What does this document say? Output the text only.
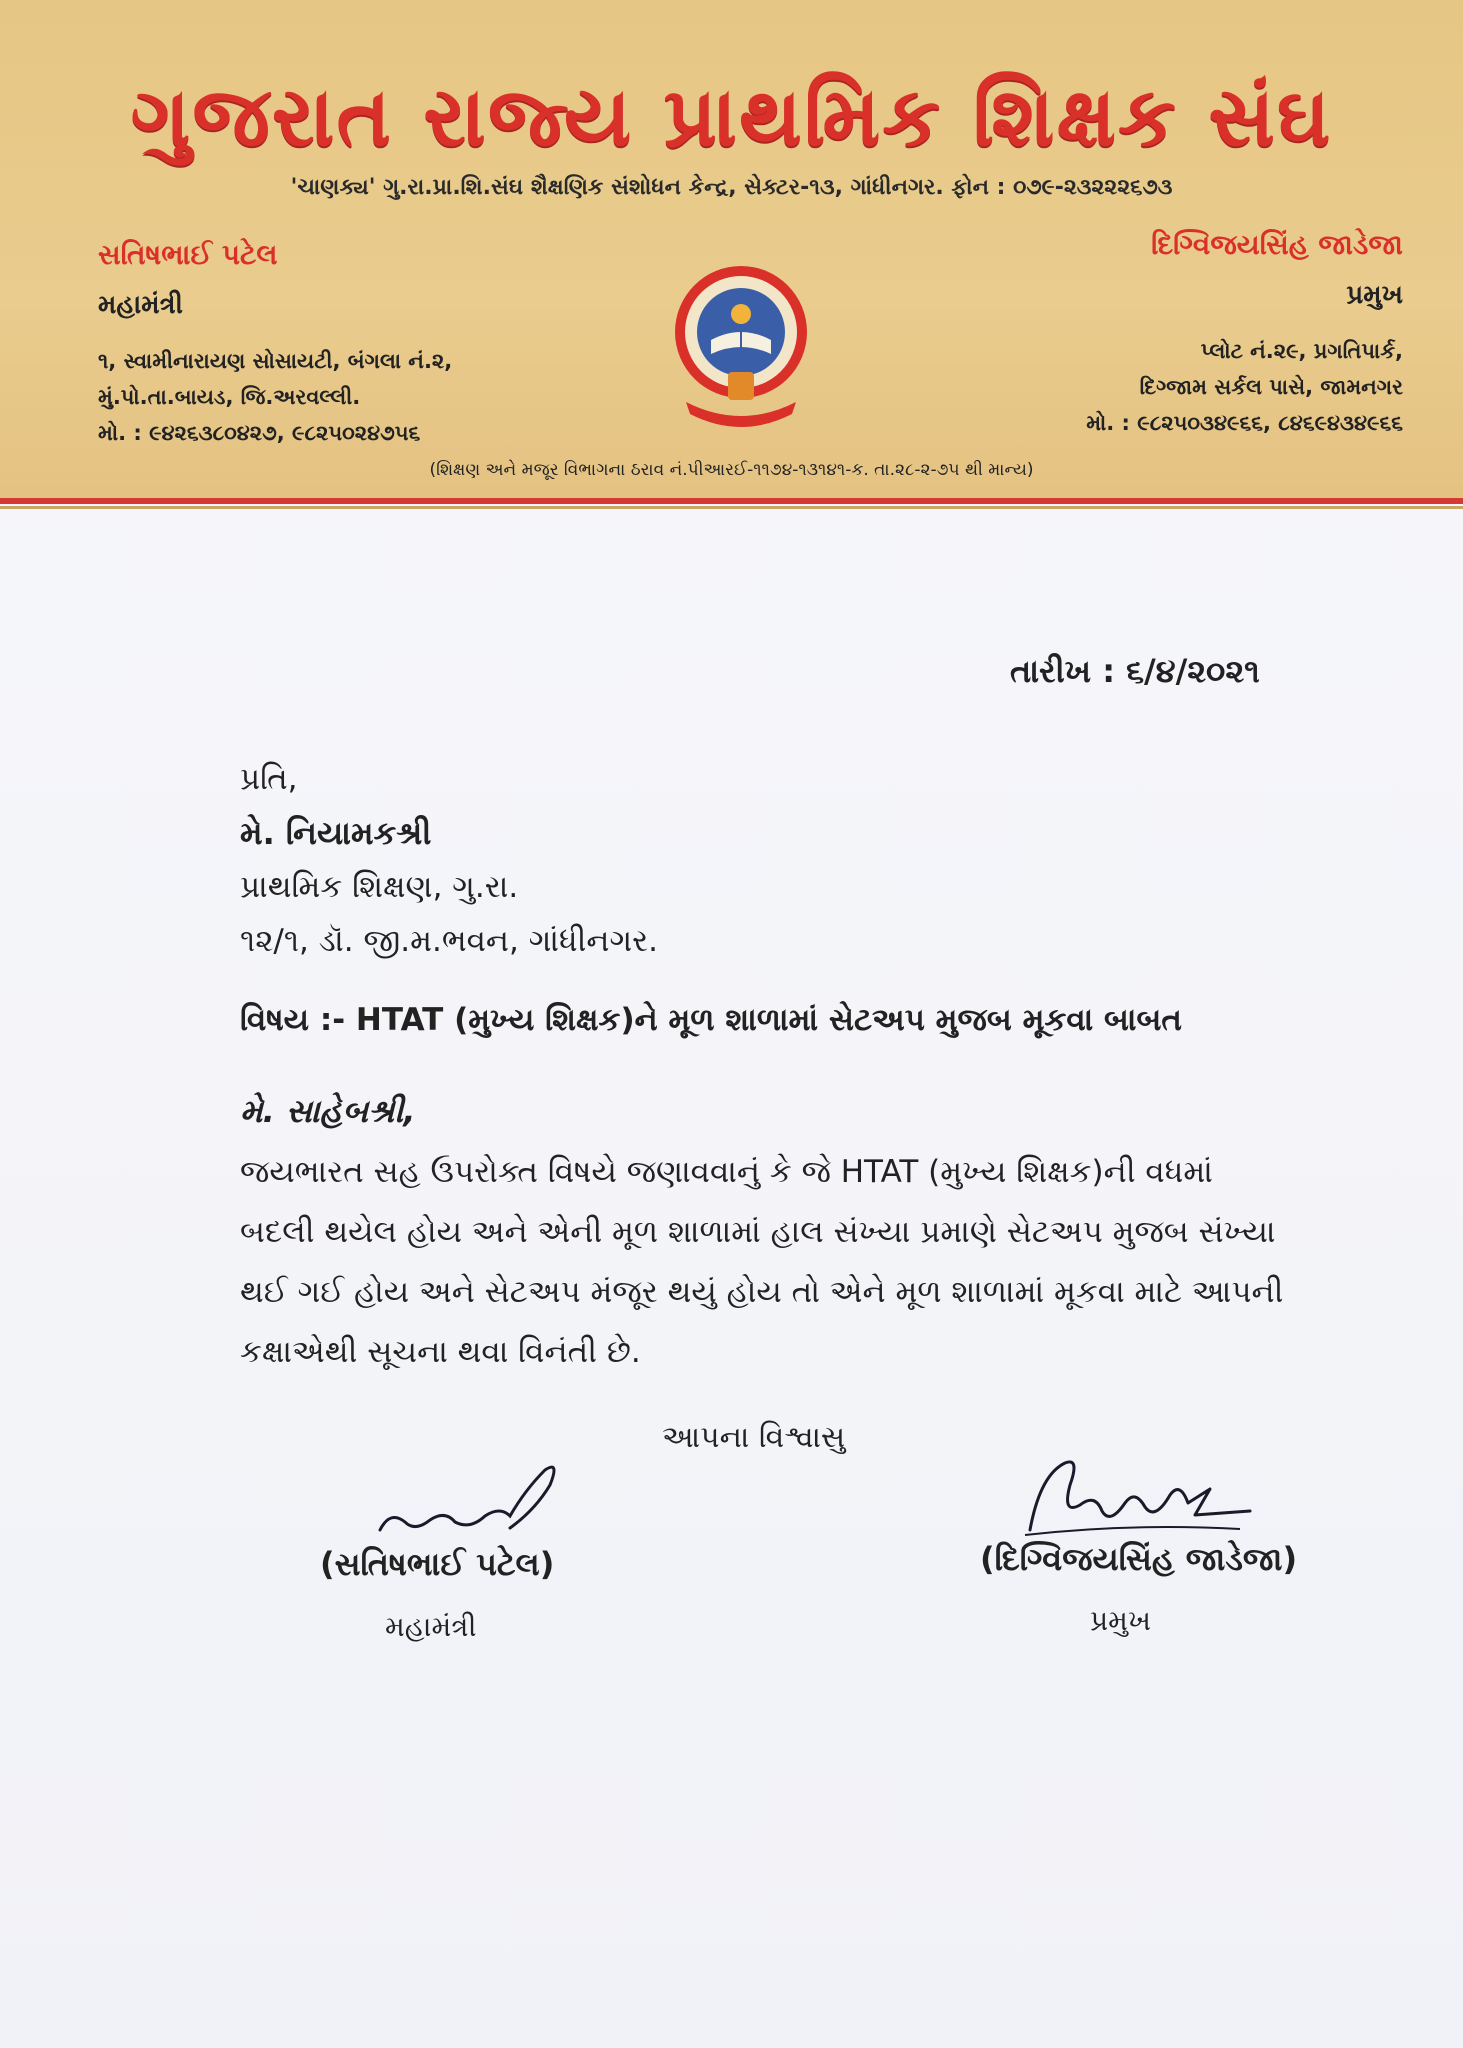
ગુજરાત રાજ્ય પ્રાથમિક શિક્ષક સંઘ
'ચાણક્ય' ગુ.રા.પ્રા.શિ.સંઘ શૈક્ષણિક સંશોધન કેન્દ્ર, સેક્ટર-૧૩, ગાંધીનગર. ફોન : ૦૭૯-૨૩૨૨૨૬૭૩
સતિષભાઈ પટેલ
મહામંત્રી
૧, સ્વામીનારાયણ સોસાયટી, બંગલા નં.૨,
મું.પો.તા.બાયડ, જિ.અરવલ્લી.
મો. : ૯૪૨૬૩૮૦૪૨૭, ૯૮૨૫૦૨૪૭૫૬
દિગ્વિજયસિંહ જાડેજા
પ્રમુખ
પ્લોટ નં.૨૯, પ્રગતિપાર્ક,
દિગ્જામ સર્કલ પાસે, જામનગર
મો. : ૯૮૨૫૦૩૪૯૬૬, ૮૪૬૯૪૩૪૯૬૬
(શિક્ષણ અને મજૂર વિભાગના ઠરાવ નં.પીઆરઈ-૧૧૭૪-૧૩૧૪૧-ક. તા.૨૮-૨-૭૫ થી માન્ય)
તારીખ : ૬/૪/૨૦૨૧
પ્રતિ,
મે. નિયામકશ્રી
પ્રાથમિક શિક્ષણ, ગુ.રા.
૧૨/૧, ડૉ. જી.મ.ભવન, ગાંધીનગર.
વિષય :- HTAT (મુખ્ય શિક્ષક)ને મૂળ શાળામાં સેટઅપ મુજબ મૂકવા બાબત
મે. સાહેબશ્રી,
જયભારત સહ ઉપરોક્ત વિષયે જણાવવાનું કે જે HTAT (મુખ્ય શિક્ષક)ની વધમાં
બદલી થયેલ હોય અને એની મૂળ શાળામાં હાલ સંખ્યા પ્રમાણે સેટઅપ મુજબ સંખ્યા
થઈ ગઈ હોય અને સેટઅપ મંજૂર થયું હોય તો એને મૂળ શાળામાં મૂકવા માટે આપની
કક્ષાએથી સૂચના થવા વિનંતી છે.
આપના વિશ્વાસુ
(સતિષભાઈ પટેલ)
મહામંત્રી
(દિગ્વિજયસિંહ જાડેજા)
પ્રમુખ
